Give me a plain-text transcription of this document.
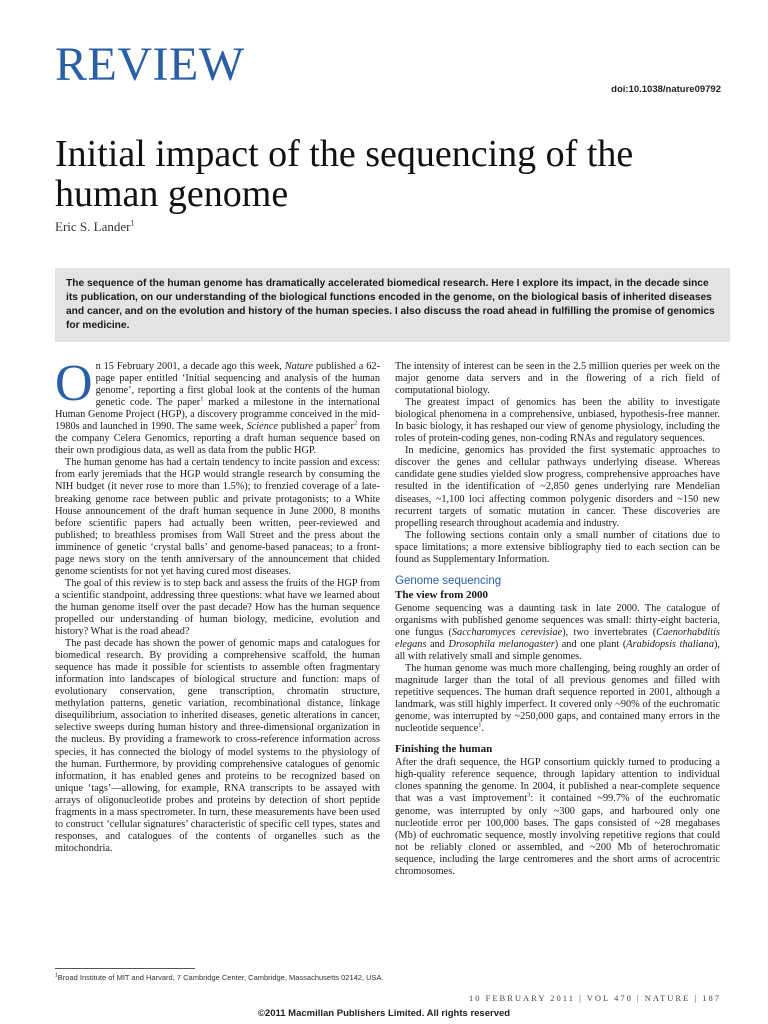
REVIEW	doi:10.1038/nature09792
Initial impact of the sequencing of the human genome
Eric S. Lander$^1$

The sequence of the human genome has dramatically accelerated biomedical research. Here I explore its impact, in the decade since its publication, on our understanding of the biological functions encoded in the genome, on the biological basis of inherited diseases and cancer, and on the evolution and history of the human species. I also discuss the road ahead in fulfilling the promise of genomics for medicine.

On 15 February 2001, a decade ago this week, Nature published a 62-page paper entitled ‘Initial sequencing and analysis of the human genome’, reporting a first global look at the contents of the human genetic code. The paper$^1$ marked a milestone in the international Human Genome Project (HGP), a discovery programme conceived in the mid-1980s and launched in 1990. The same week, Science published a paper$^2$ from the company Celera Genomics, reporting a draft human sequence based on their own prodigious data, as well as data from the public HGP.

The human genome has had a certain tendency to incite passion and excess: from early jeremiads that the HGP would strangle research by consuming the NIH budget (it never rose to more than 1.5%); to frenzied coverage of a late-breaking genome race between public and private protagonists; to a White House announcement of the draft human sequence in June 2000, 8 months before scientific papers had actually been written, peer-reviewed and published; to breathless promises from Wall Street and the press about the imminence of genetic ‘crystal balls’ and genome-based panaceas; to a front-page news story on the tenth anniversary of the announcement that chided genome scientists for not yet having cured most diseases.

The goal of this review is to step back and assess the fruits of the HGP from a scientific standpoint, addressing three questions: what have we learned about the human genome itself over the past decade? How has the human sequence propelled our understanding of human biology, medicine, evolution and history? What is the road ahead?

The past decade has shown the power of genomic maps and catalogues for biomedical research. By providing a comprehensive scaffold, the human sequence has made it possible for scientists to assemble often fragmentary information into landscapes of biological structure and function: maps of evolutionary conservation, gene transcription, chromatin structure, methylation patterns, genetic variation, recombinational distance, linkage disequilibrium, association to inherited diseases, genetic alterations in cancer, selective sweeps during human history and three-dimensional organization in the nucleus. By providing a framework to cross-reference information across species, it has connected the biology of model systems to the physiology of the human. Furthermore, by providing comprehensive catalogues of genomic information, it has enabled genes and proteins to be recognized based on unique ‘tags’—allowing, for example, RNA transcripts to be assayed with arrays of oligonucleotide probes and proteins by detection of short peptide fragments in a mass spectrometer. In turn, these measurements have been used to construct ‘cellular signatures’ characteristic of specific cell types, states and responses, and catalogues of the contents of organelles such as the mitochondria.

The intensity of interest can be seen in the 2.5 million queries per week on the major genome data servers and in the flowering of a rich field of computational biology.

The greatest impact of genomics has been the ability to investigate biological phenomena in a comprehensive, unbiased, hypothesis-free manner. In basic biology, it has reshaped our view of genome physiology, including the roles of protein-coding genes, non-coding RNAs and regulatory sequences.

In medicine, genomics has provided the first systematic approaches to discover the genes and cellular pathways underlying disease. Whereas candidate gene studies yielded slow progress, comprehensive approaches have resulted in the identification of ~2,850 genes underlying rare Mendelian diseases, ~1,100 loci affecting common polygenic disorders and ~150 new recurrent targets of somatic mutation in cancer. These discoveries are propelling research throughout academia and industry.

The following sections contain only a small number of citations due to space limitations; a more extensive bibliography tied to each section can be found as Supplementary Information.

Genome sequencing
The view from 2000

Genome sequencing was a daunting task in late 2000. The catalogue of organisms with published genome sequences was small: thirty-eight bacteria, one fungus (Saccharomyces cerevisiae), two invertebrates (Caenorhabditis elegans and Drosophila melanogaster) and one plant (Arabidopsis thaliana), all with relatively small and simple genomes.

The human genome was much more challenging, being roughly an order of magnitude larger than the total of all previous genomes and filled with repetitive sequences. The human draft sequence reported in 2001, although a landmark, was still highly imperfect. It covered only ~90% of the euchromatic genome, was interrupted by ~250,000 gaps, and contained many errors in the nucleotide sequence$^1$.

Finishing the human

After the draft sequence, the HGP consortium quickly turned to producing a high-quality reference sequence, through lapidary attention to individual clones spanning the genome. In 2004, it published a near-complete sequence that was a vast improvement$^3$: it contained ~99.7% of the euchromatic genome, was interrupted by only ~300 gaps, and harboured only one nucleotide error per 100,000 bases. The gaps consisted of ~28 megabases (Mb) of euchromatic sequence, mostly involving repetitive regions that could not be reliably cloned or assembled, and ~200 Mb of heterochromatic sequence, including the large centromeres and the short arms of acrocentric chromosomes.

$^1$Broad Institute of MIT and Harvard, 7 Cambridge Center, Cambridge, Massachusetts 02142, USA.
10 FEBRUARY 2011 | VOL 470 | NATURE | 187
©2011 Macmillan Publishers Limited. All rights reserved
